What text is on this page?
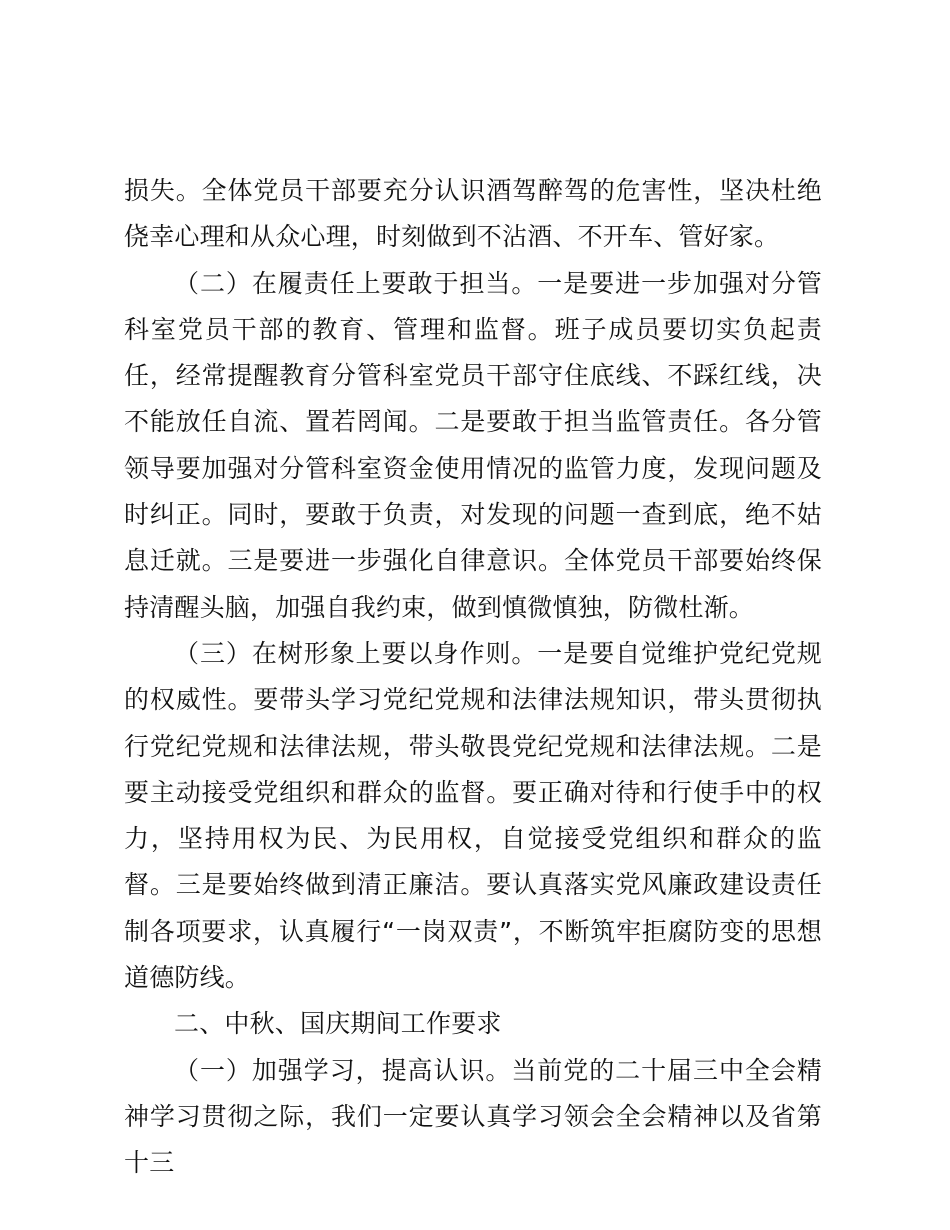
损失。全体党员干部要充分认识酒驾醉驾的危害性，坚决杜绝侥幸心理和从众心理，时刻做到不沾酒、不开车、管好家。

（二）在履责任上要敢于担当。一是要进一步加强对分管科室党员干部的教育、管理和监督。班子成员要切实负起责任，经常提醒教育分管科室党员干部守住底线、不踩红线，决不能放任自流、置若罔闻。二是要敢于担当监管责任。各分管领导要加强对分管科室资金使用情况的监管力度，发现问题及时纠正。同时，要敢于负责，对发现的问题一查到底，绝不姑息迁就。三是要进一步强化自律意识。全体党员干部要始终保持清醒头脑，加强自我约束，做到慎微慎独，防微杜渐。

（三）在树形象上要以身作则。一是要自觉维护党纪党规的权威性。要带头学习党纪党规和法律法规知识，带头贯彻执行党纪党规和法律法规，带头敬畏党纪党规和法律法规。二是要主动接受党组织和群众的监督。要正确对待和行使手中的权力，坚持用权为民、为民用权，自觉接受党组织和群众的监督。三是要始终做到清正廉洁。要认真落实党风廉政建设责任制各项要求，认真履行“一岗双责”，不断筑牢拒腐防变的思想道德防线。

二、中秋、国庆期间工作要求

（一）加强学习，提高认识。当前党的二十届三中全会精神学习贯彻之际，我们一定要认真学习领会全会精神以及省第十三
